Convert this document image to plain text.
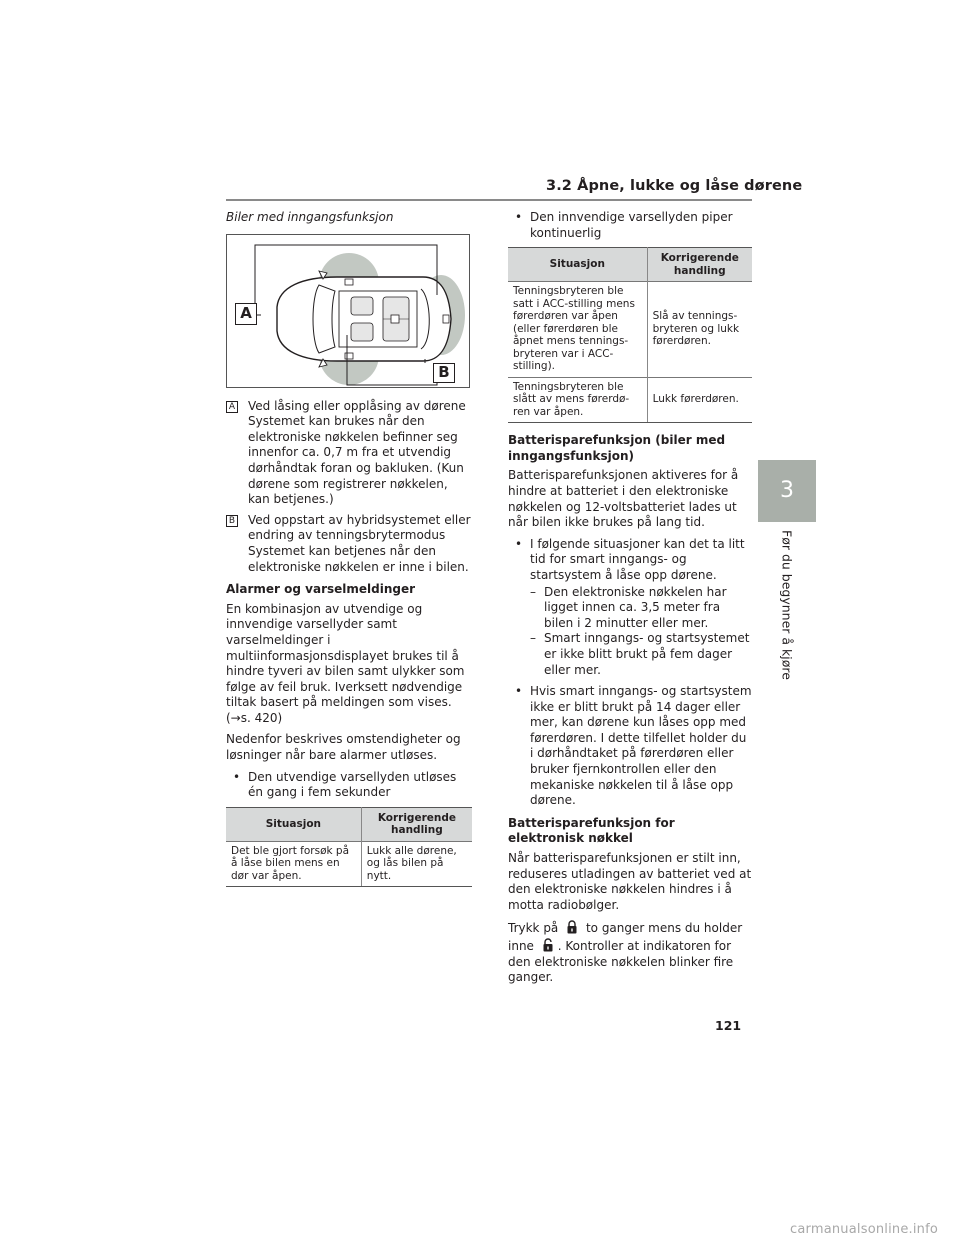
3.2 Åpne, lukke og låse dørene
3
Før du begynner å kjøre

Biler med inngangsfunksjon

A
B
A Ved låsing eller opplåsing av dørene Systemet kan brukes når den elektroniske nøkkelen befinner seg innenfor ca. 0,7 m fra et utvendig dørhåndtak foran og bakluken. (Kun dørene som registrerer nøkkelen, kan betjenes.)

B Ved oppstart av hybridsystemet eller endring av tenningsbrytermodus Systemet kan betjenes når den elektroniske nøkkelen er inne i bilen.

Alarmer og varselmeldinger

En kombinasjon av utvendige og innvendige varsellyder samt varselmeldinger i multiinformasjonsdisplayet brukes til å hindre tyveri av bilen samt ulykker som følge av feil bruk. Iverksett nødvendige tiltak basert på meldingen som vises. (→s. 420)

Nedenfor beskrives omstendigheter og løsninger når bare alarmer utløses.

• Den utvendige varsellyden utløses én gang i fem sekunder
Situasjon	Korrigerende handling
Det ble gjort forsøk på å låse bilen mens en dør var åpen.	Lukk alle dørene, og lås bilen på nytt.
• Den innvendige varsellyden piper kontinuerlig
Situasjon	Korrigerende handling
Tenningsbryteren ble satt i ACC-stilling mens førerdøren var åpen (eller førerdøren ble åpnet mens tennings-bryteren var i ACC-stilling).	Slå av tennings-bryteren og lukk førerdøren.
Tenningsbryteren ble slått av mens førerdø-ren var åpen.	Lukk førerdøren.
Batterisparefunksjon (biler med inngangsfunksjon)

Batterisparefunksjonen aktiveres for å hindre at batteriet i den elektroniske nøkkelen og 12-voltsbatteriet lades ut når bilen ikke brukes på lang tid.

• I følgende situasjoner kan det ta litt tid for smart inngangs- og startsystem å låse opp dørene.
– Den elektroniske nøkkelen har ligget innen ca. 3,5 meter fra bilen i 2 minutter eller mer.
– Smart inngangs- og startsystemet er ikke blitt brukt på fem dager eller mer.
• Hvis smart inngangs- og startsystem ikke er blitt brukt på 14 dager eller mer, kan dørene kun låses opp med førerdøren. I dette tilfellet holder du i dørhåndtaket på førerdøren eller bruker fjernkontrollen eller den mekaniske nøkkelen til å låse opp dørene.
Batterisparefunksjon for elektronisk nøkkel

Når batterisparefunksjonen er stilt inn, reduseres utladingen av batteriet ved at den elektroniske nøkkelen hindres i å motta radiobølger.

Trykk på to ganger mens du holder inne . Kontroller at indikatoren for den elektroniske nøkkelen blinker fire ganger.

121
carmanualsonline.info
